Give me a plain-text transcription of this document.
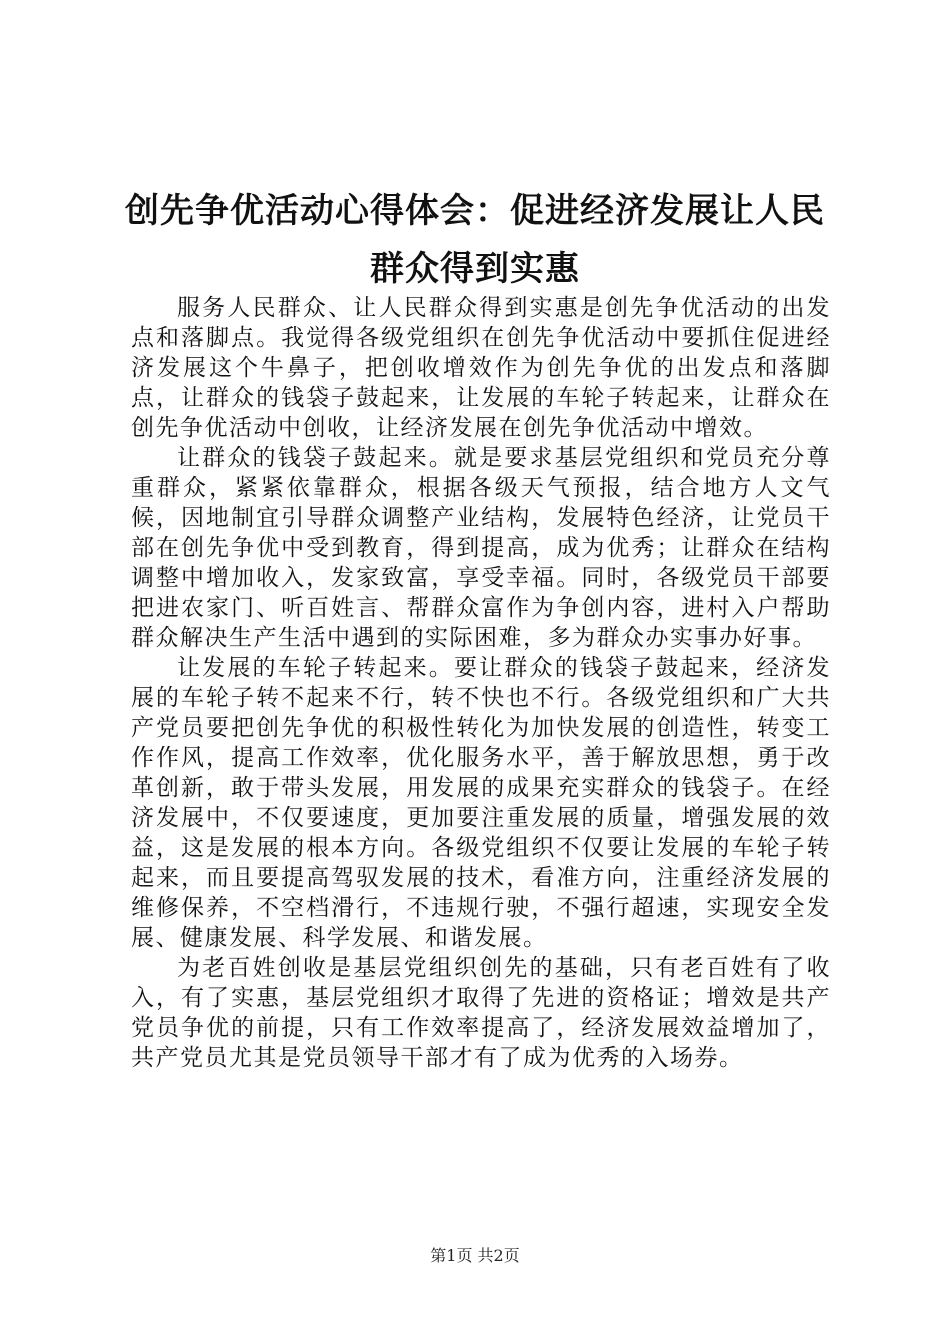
创先争优活动心得体会：促进经济发展让人民群众得到实惠

服务人民群众、让人民群众得到实惠是创先争优活动的出发点和落脚点。我觉得各级党组织在创先争优活动中要抓住促进经济发展这个牛鼻子，把创收增效作为创先争优的出发点和落脚点，让群众的钱袋子鼓起来，让发展的车轮子转起来，让群众在创先争优活动中创收，让经济发展在创先争优活动中增效。

让群众的钱袋子鼓起来。就是要求基层党组织和党员充分尊重群众，紧紧依靠群众，根据各级天气预报，结合地方人文气候，因地制宜引导群众调整产业结构，发展特色经济，让党员干部在创先争优中受到教育，得到提高，成为优秀；让群众在结构调整中增加收入，发家致富，享受幸福。同时，各级党员干部要把进农家门、听百姓言、帮群众富作为争创内容，进村入户帮助群众解决生产生活中遇到的实际困难，多为群众办实事办好事。

让发展的车轮子转起来。要让群众的钱袋子鼓起来，经济发展的车轮子转不起来不行，转不快也不行。各级党组织和广大共产党员要把创先争优的积极性转化为加快发展的创造性，转变工作作风，提高工作效率，优化服务水平，善于解放思想，勇于改革创新，敢于带头发展，用发展的成果充实群众的钱袋子。在经济发展中，不仅要速度，更加要注重发展的质量，增强发展的效益，这是发展的根本方向。各级党组织不仅要让发展的车轮子转起来，而且要提高驾驭发展的技术，看准方向，注重经济发展的维修保养，不空档滑行，不违规行驶，不强行超速，实现安全发展、健康发展、科学发展、和谐发展。

为老百姓创收是基层党组织创先的基础，只有老百姓有了收入，有了实惠，基层党组织才取得了先进的资格证；增效是共产党员争优的前提，只有工作效率提高了，经济发展效益增加了，共产党员尤其是党员领导干部才有了成为优秀的入场券。

第1页 共2页
